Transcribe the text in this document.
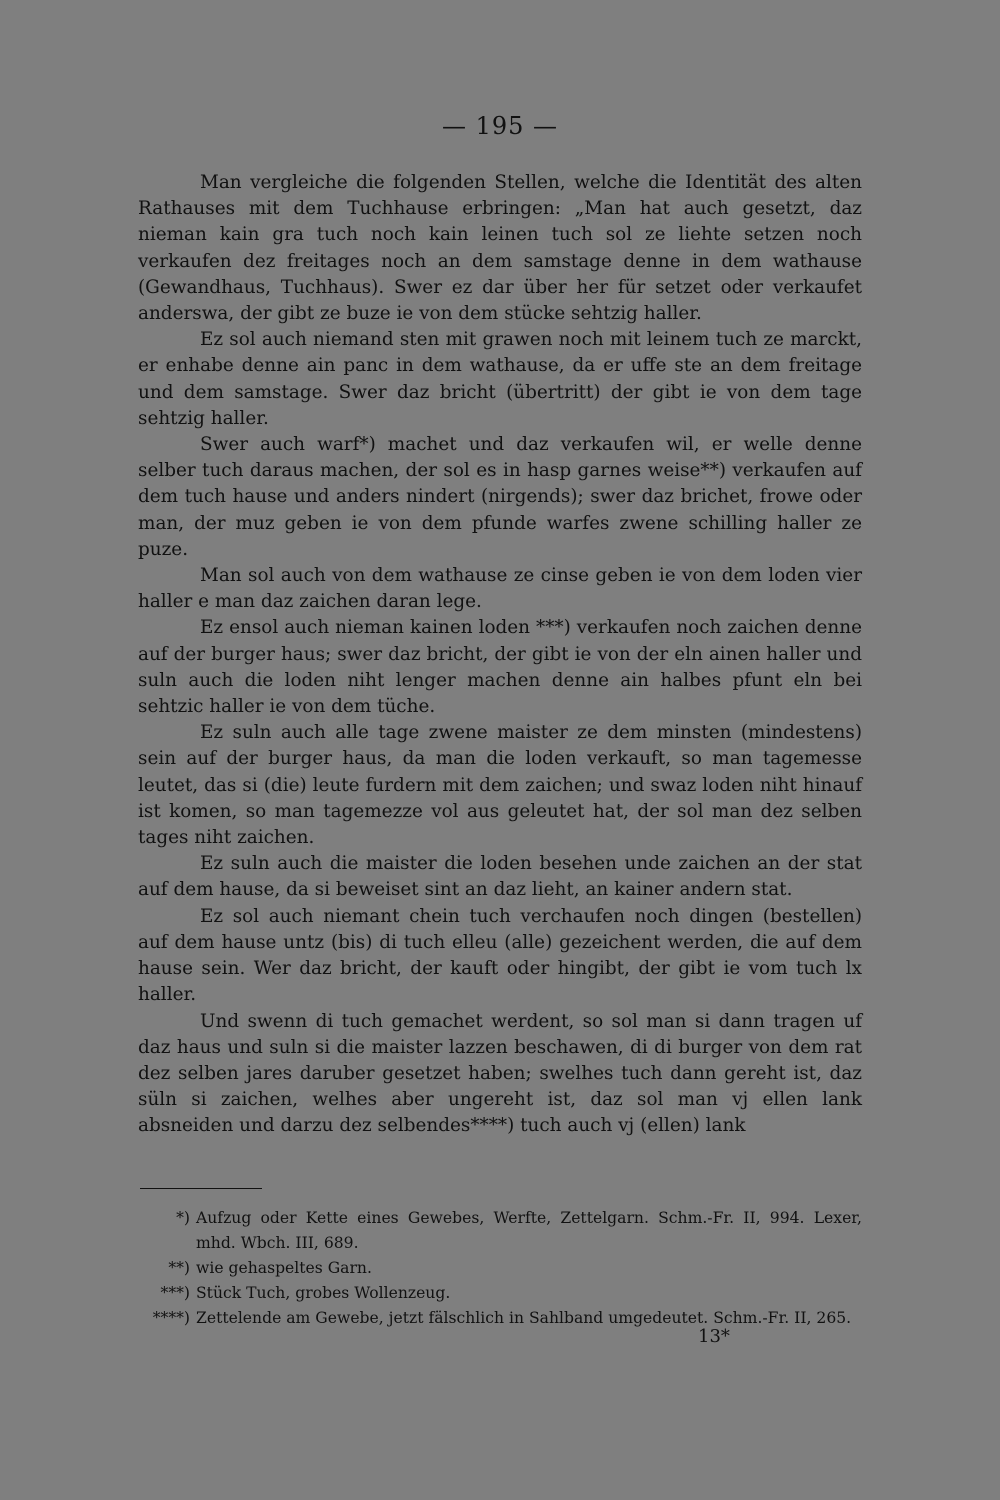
— 195 —

Man vergleiche die folgenden Stellen, welche die Identität des alten Rathauses mit dem Tuchhause erbringen: „Man hat auch gesetzt, daz nieman kain gra tuch noch kain leinen tuch sol ze liehte setzen noch verkaufen dez freitages noch an dem samstage denne in dem wathause (Gewandhaus, Tuchhaus). Swer ez dar über her für setzet oder verkaufet anderswa, der gibt ze buze ie von dem stücke sehtzig haller.

Ez sol auch niemand sten mit grawen noch mit leinem tuch ze marckt, er enhabe denne ain panc in dem wathause, da er uffe ste an dem freitage und dem samstage. Swer daz bricht (übertritt) der gibt ie von dem tage sehtzig haller.

Swer auch warf*) machet und daz verkaufen wil, er welle denne selber tuch daraus machen, der sol es in hasp garnes weise**) verkaufen auf dem tuch hause und anders nindert (nirgends); swer daz brichet, frowe oder man, der muz geben ie von dem pfunde warfes zwene schilling haller ze puze.

Man sol auch von dem wathause ze cinse geben ie von dem loden vier haller e man daz zaichen daran lege.

Ez ensol auch nieman kainen loden ***) verkaufen noch zaichen denne auf der burger haus; swer daz bricht, der gibt ie von der eln ainen haller und suln auch die loden niht lenger machen denne ain halbes pfunt eln bei sehtzic haller ie von dem tüche.

Ez suln auch alle tage zwene maister ze dem minsten (mindestens) sein auf der burger haus, da man die loden verkauft, so man tagemesse leutet, das si (die) leute furdern mit dem zaichen; und swaz loden niht hinauf ist komen, so man tagemezze vol aus geleutet hat, der sol man dez selben tages niht zaichen.

Ez suln auch die maister die loden besehen unde zaichen an der stat auf dem hause, da si beweiset sint an daz lieht, an kainer andern stat.

Ez sol auch niemant chein tuch verchaufen noch dingen (bestellen) auf dem hause untz (bis) di tuch elleu (alle) gezeichent werden, die auf dem hause sein. Wer daz bricht, der kauft oder hingibt, der gibt ie vom tuch lx haller.

Und swenn di tuch gemachet werdent, so sol man si dann tragen uf daz haus und suln si die maister lazzen beschawen, di di burger von dem rat dez selben jares daruber gesetzet haben; swelhes tuch dann gereht ist, daz süln si zaichen, welhes aber ungereht ist, daz sol man vj ellen lank absneiden und darzu dez selbendes****) tuch auch vj (ellen) lank

*) Aufzug oder Kette eines Gewebes, Werfte, Zettelgarn. Schm.-Fr. II, 994. Lexer, mhd. Wbch. III, 689.
**) wie gehaspeltes Garn.
***) Stück Tuch, grobes Wollenzeug.
****) Zettelende am Gewebe, jetzt fälschlich in Sahlband umgedeutet. Schm.-Fr. II, 265.
13*
